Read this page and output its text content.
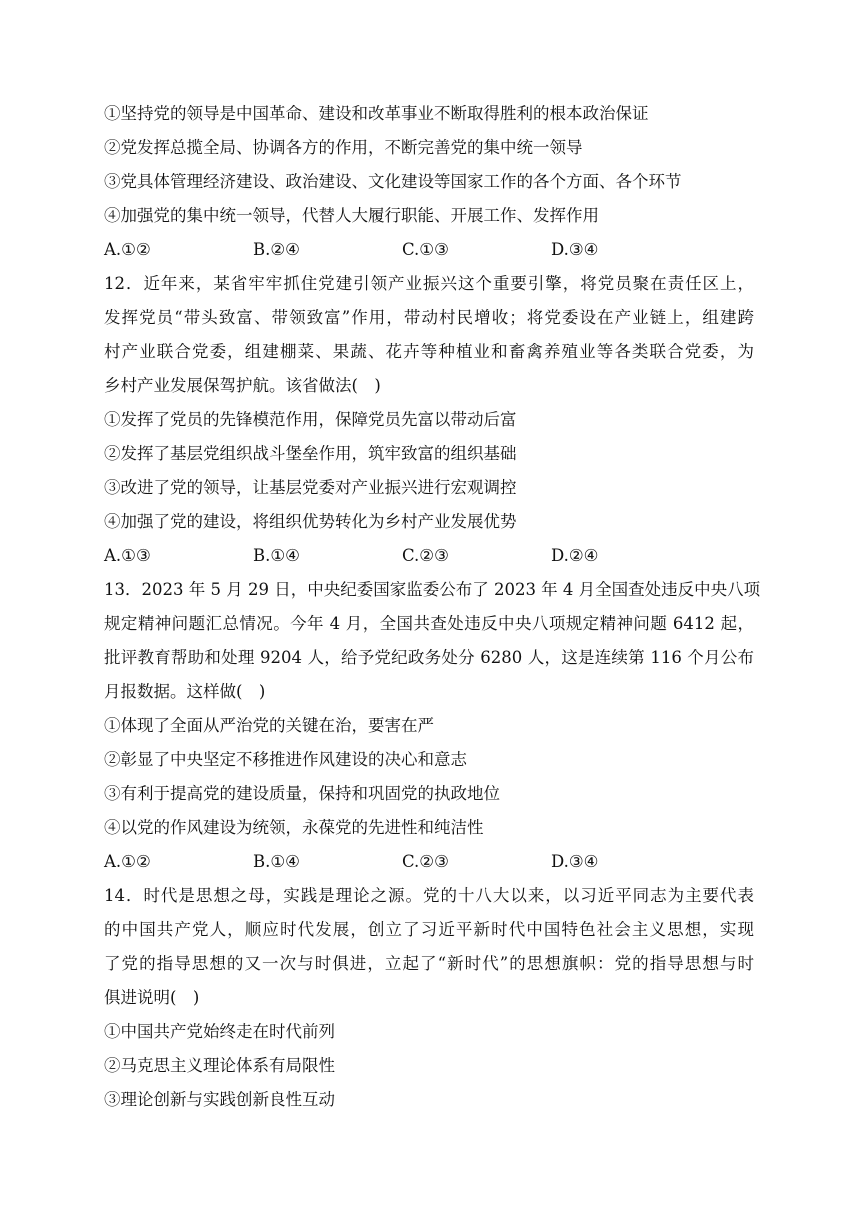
①坚持党的领导是中国革命、建设和改革事业不断取得胜利的根本政治保证
②党发挥总揽全局、协调各方的作用，不断完善党的集中统一领导
③党具体管理经济建设、政治建设、文化建设等国家工作的各个方面、各个环节
④加强党的集中统一领导，代替人大履行职能、开展工作、发挥作用
A.①②	B.②④	C.①③	D.③④
12．近年来，某省牢牢抓住党建引领产业振兴这个重要引擎，将党员聚在责任区上，
发挥党员“带头致富、带领致富”作用，带动村民增收；将党委设在产业链上，组建跨
村产业联合党委，组建棚菜、果蔬、花卉等种植业和畜禽养殖业等各类联合党委，为
乡村产业发展保驾护航。该省做法(　)
①发挥了党员的先锋模范作用，保障党员先富以带动后富
②发挥了基层党组织战斗堡垒作用，筑牢致富的组织基础
③改进了党的领导，让基层党委对产业振兴进行宏观调控
④加强了党的建设，将组织优势转化为乡村产业发展优势
A.①③	B.①④	C.②③	D.②④
13．2023 年 5 月 29 日，中央纪委国家监委公布了 2023 年 4 月全国查处违反中央八项
规定精神问题汇总情况。今年 4 月，全国共查处违反中央八项规定精神问题 6412 起，
批评教育帮助和处理 9204 人，给予党纪政务处分 6280 人，这是连续第 116 个月公布
月报数据。这样做(　)
①体现了全面从严治党的关键在治，要害在严
②彰显了中央坚定不移推进作风建设的决心和意志
③有利于提高党的建设质量，保持和巩固党的执政地位
④以党的作风建设为统领，永葆党的先进性和纯洁性
A.①②	B.①④	C.②③	D.③④
14．时代是思想之母，实践是理论之源。党的十八大以来，以习近平同志为主要代表
的中国共产党人，顺应时代发展，创立了习近平新时代中国特色社会主义思想，实现
了党的指导思想的又一次与时俱进，立起了“新时代”的思想旗帜：党的指导思想与时
俱进说明(　)
①中国共产党始终走在时代前列
②马克思主义理论体系有局限性
③理论创新与实践创新良性互动
